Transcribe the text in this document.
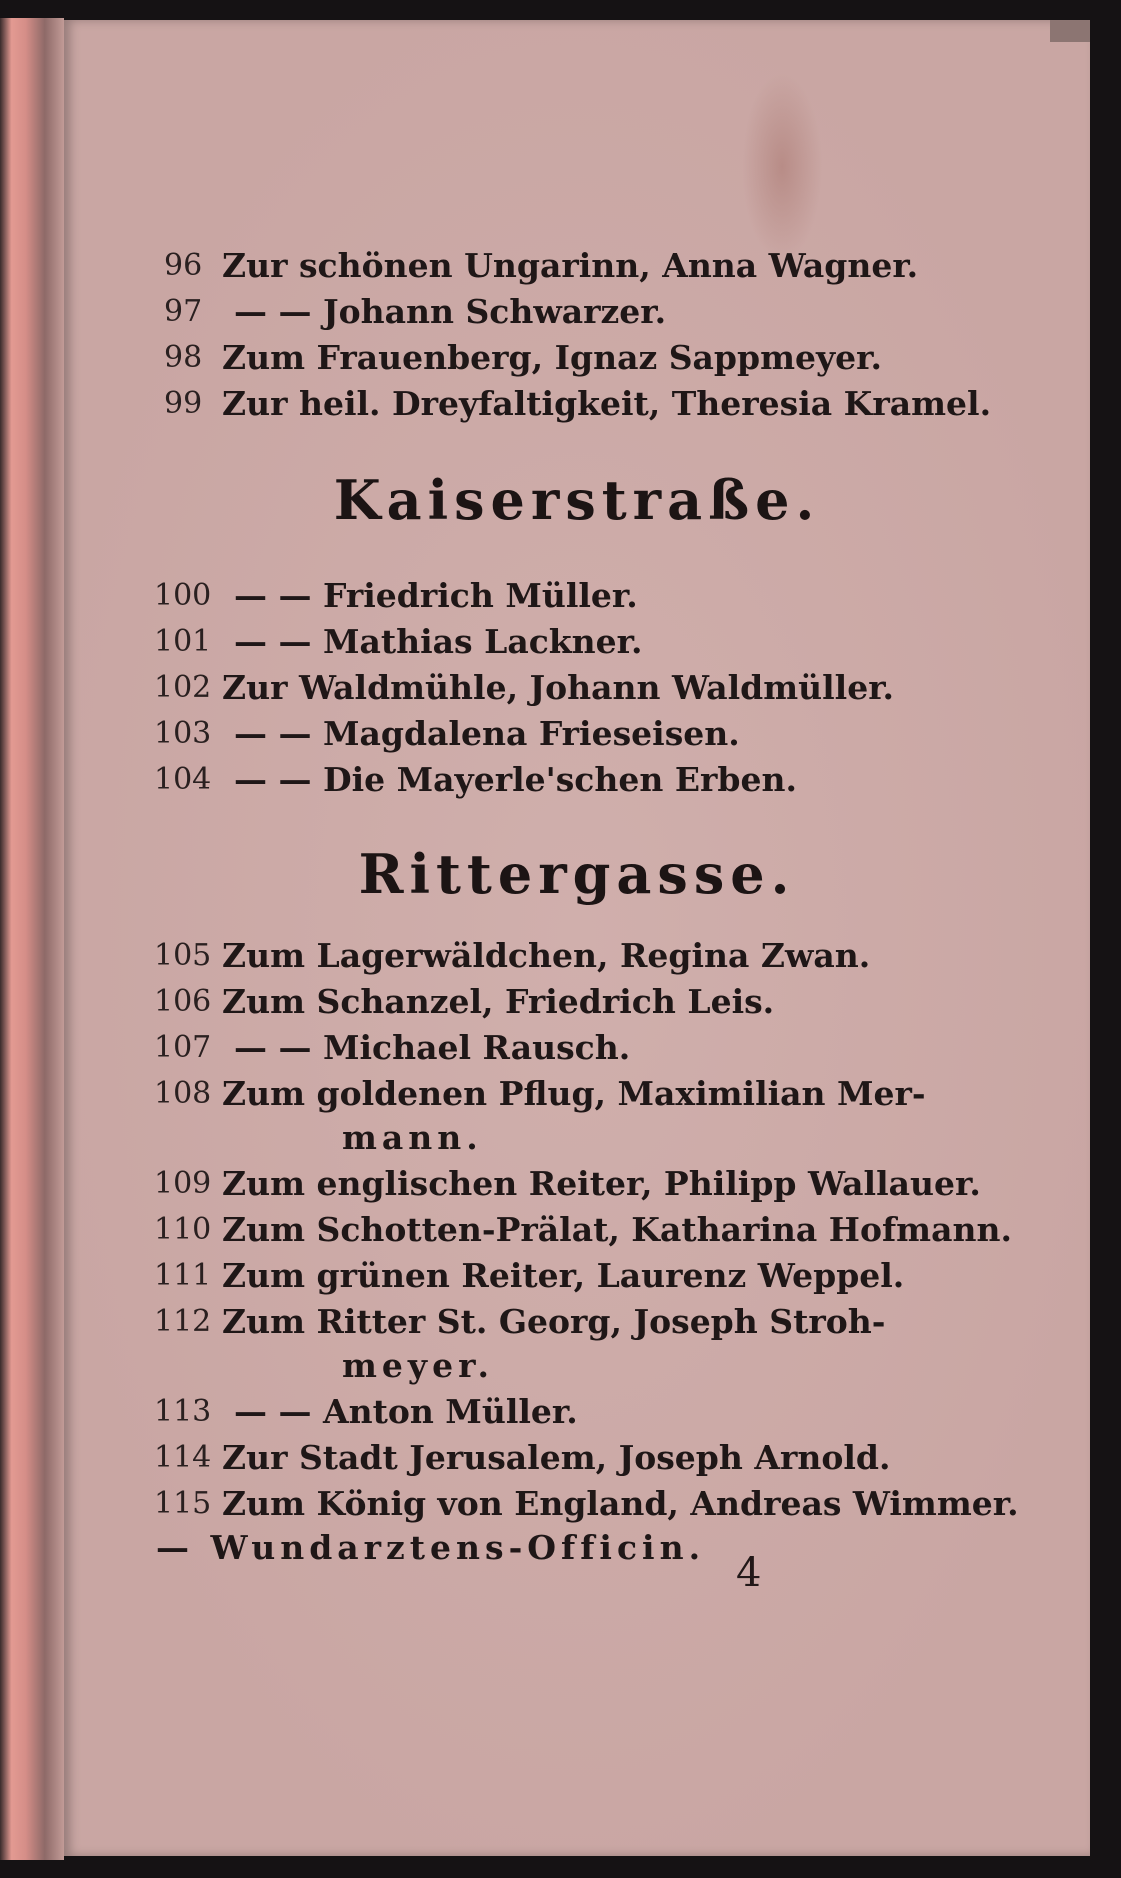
96 Zur schönen Ungarinn, Anna Wagner.
97 — — Johann Schwarzer.
98 Zum Frauenberg, Ignaz Sappmeyer.
99 Zur heil. Dreyfaltigkeit, Theresia Kramel.
Kaiserstraße.
100 — — Friedrich Müller.
101 — — Mathias Lackner.
102 Zur Waldmühle, Johann Waldmüller.
103 — — Magdalena Frieseisen.
104 — — Die Mayerle'schen Erben.
Rittergasse.
105 Zum Lagerwäldchen, Regina Zwan.
106 Zum Schanzel, Friedrich Leis.
107 — — Michael Rausch.
108 Zum goldenen Pflug, Maximilian Mer-
mann.
109 Zum englischen Reiter, Philipp Wallauer.
110 Zum Schotten-Prälat, Katharina Hofmann.
111 Zum grünen Reiter, Laurenz Weppel.
112 Zum Ritter St. Georg, Joseph Stroh-
meyer.
113 — — Anton Müller.
114 Zur Stadt Jerusalem, Joseph Arnold.
115 Zum König von England, Andreas Wimmer.
— Wundarztens-Officin.
4
